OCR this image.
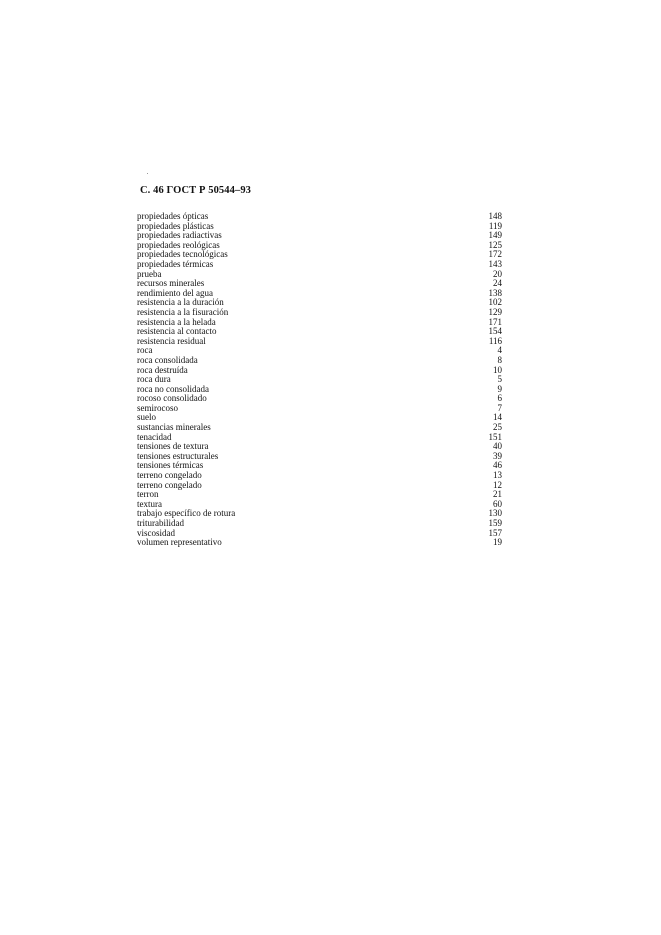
С. 46 ГОСТ Р 50544–93
propiedades ópticas	148
propiedades plásticas	119
propiedades radiactivas	149
propiedades reológicas	125
propiedades tecnológicas	172
propiedades térmicas	143
prueba	20
recursos minerales	24
rendimiento del agua	138
resistencia a la duración	102
resistencia a la fisuración	129
resistencia a la helada	171
resistencia al contacto	154
resistencia residual	116
roca	4
roca consolidada	8
roca destruída	10
roca dura	5
roca no consolidada	9
rocoso consolidado	6
semirocoso	7
suelo	14
sustancias minerales	25
tenacidad	151
tensiones de textura	40
tensiones estructurales	39
tensiones térmicas	46
terreno congelado	13
terreno congelado	12
terron	21
textura	60
trabajo específico de rotura	130
triturabilidad	159
viscosidad	157
volumen representativo	19
